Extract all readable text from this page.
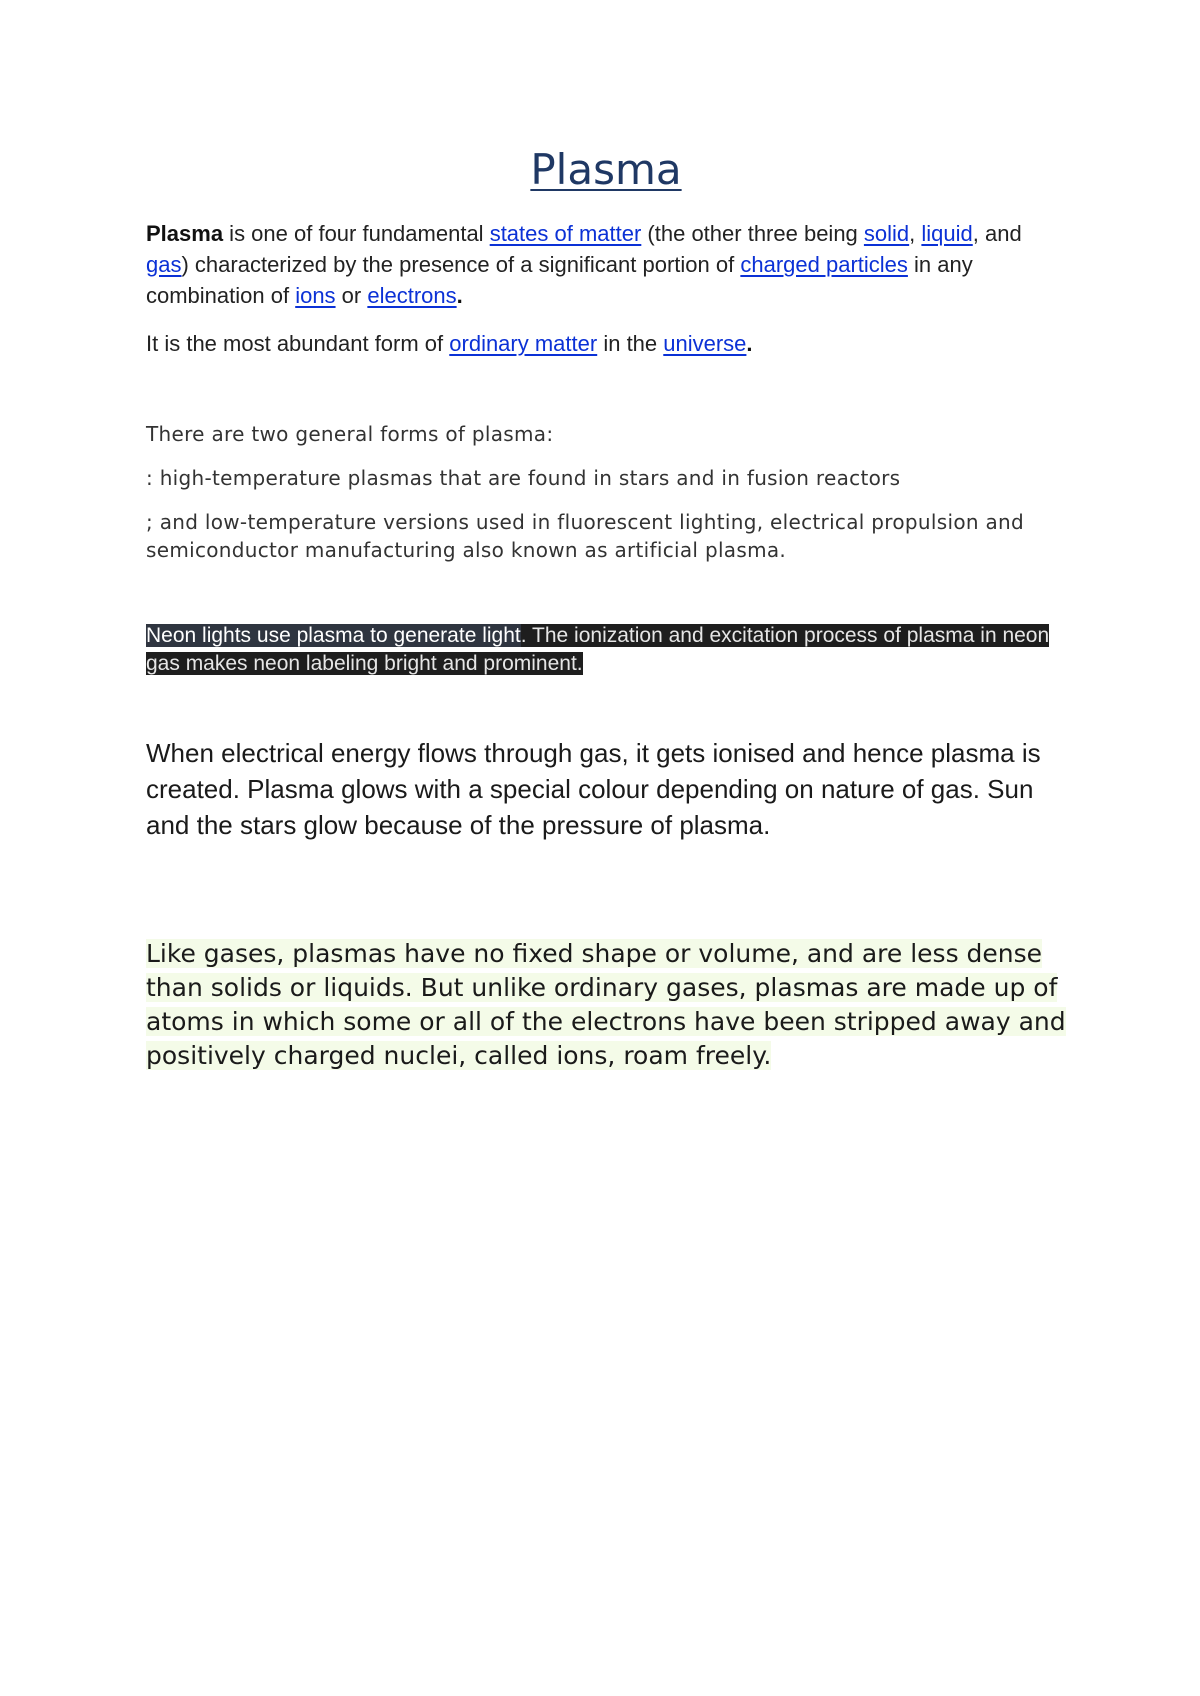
Plasma

Plasma is one of four fundamental states of matter (the other three being solid, liquid, and gas) characterized by the presence of a significant portion of charged particles in any combination of ions or electrons.

It is the most abundant form of ordinary matter in the universe.

There are two general forms of plasma:

: high-temperature plasmas that are found in stars and in fusion reactors

; and low-temperature versions used in fluorescent lighting, electrical propulsion and semiconductor manufacturing also known as artificial plasma.

Neon lights use plasma to generate light. The ionization and excitation process of plasma in neon gas makes neon labeling bright and prominent.

When electrical energy flows through gas, it gets ionised and hence plasma is created. Plasma glows with a special colour depending on nature of gas. Sun and the stars glow because of the pressure of plasma.

Like gases, plasmas have no fixed shape or volume, and are less dense than solids or liquids. But unlike ordinary gases, plasmas are made up of atoms in which some or all of the electrons have been stripped away and positively charged nuclei, called ions, roam freely.
